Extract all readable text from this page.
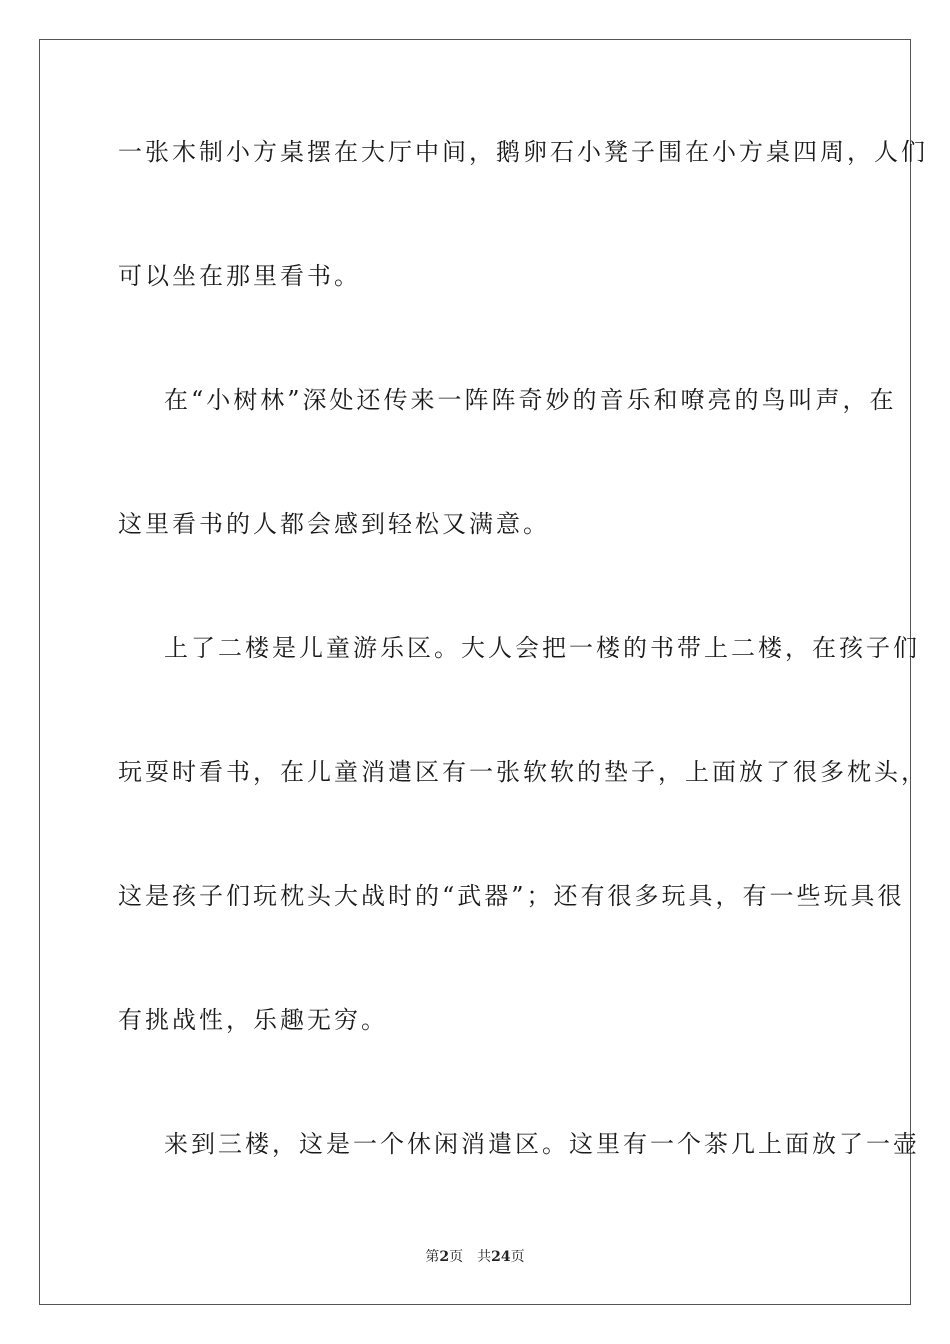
一张木制小方桌摆在大厅中间，鹅卵石小凳子围在小方桌四周，人们
可以坐在那里看书。
在“小树林”深处还传来一阵阵奇妙的音乐和嘹亮的鸟叫声，在
这里看书的人都会感到轻松又满意。
上了二楼是儿童游乐区。大人会把一楼的书带上二楼，在孩子们
玩耍时看书，在儿童消遣区有一张软软的垫子，上面放了很多枕头，
这是孩子们玩枕头大战时的“武器”；还有很多玩具，有一些玩具很
有挑战性，乐趣无穷。
来到三楼，这是一个休闲消遣区。这里有一个茶几上面放了一壶
第2页 共24页
